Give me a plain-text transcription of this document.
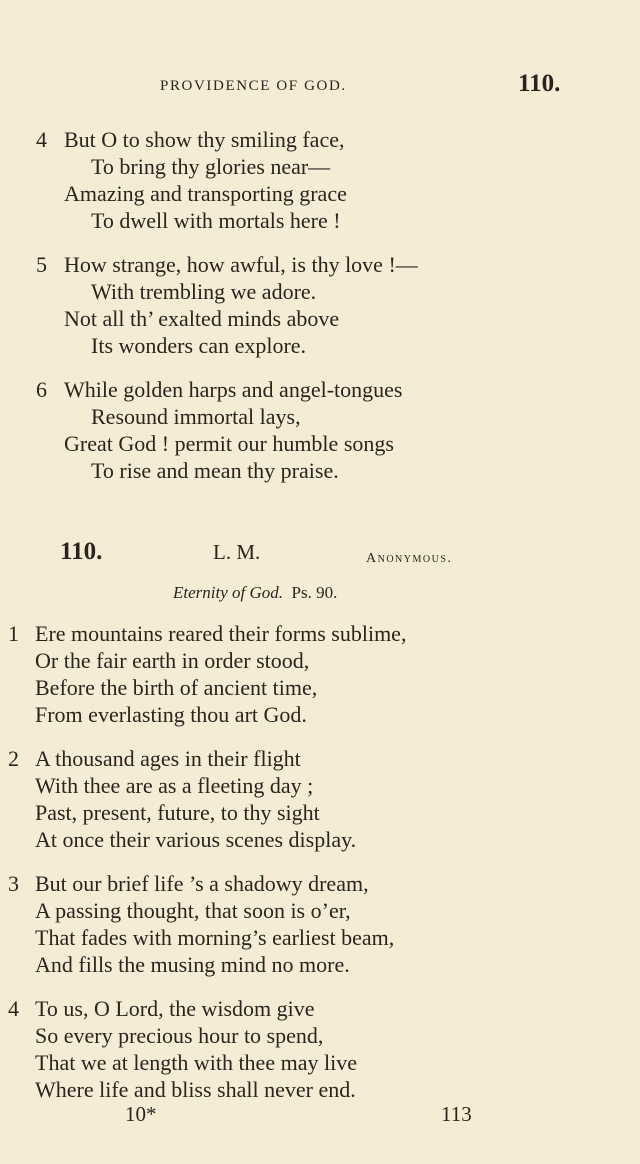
PROVIDENCE OF GOD.	110.
4 But O to show thy smiling face,
To bring thy glories near—
Amazing and transporting grace
To dwell with mortals here !
5 How strange, how awful, is thy love !—
With trembling we adore.
Not all th’ exalted minds above
Its wonders can explore.
6 While golden harps and angel-tongues
Resound immortal lays,
Great God ! permit our humble songs
To rise and mean thy praise.
110.	L. M.	Anonymous.
Eternity of God. Ps. 90.
1 Ere mountains reared their forms sublime,
Or the fair earth in order stood,
Before the birth of ancient time,
From everlasting thou art God.
2 A thousand ages in their flight
With thee are as a fleeting day ;
Past, present, future, to thy sight
At once their various scenes display.
3 But our brief life ’s a shadowy dream,
A passing thought, that soon is o’er,
That fades with morning’s earliest beam,
And fills the musing mind no more.
4 To us, O Lord, the wisdom give
So every precious hour to spend,
That we at length with thee may live
Where life and bliss shall never end.
10*	113
